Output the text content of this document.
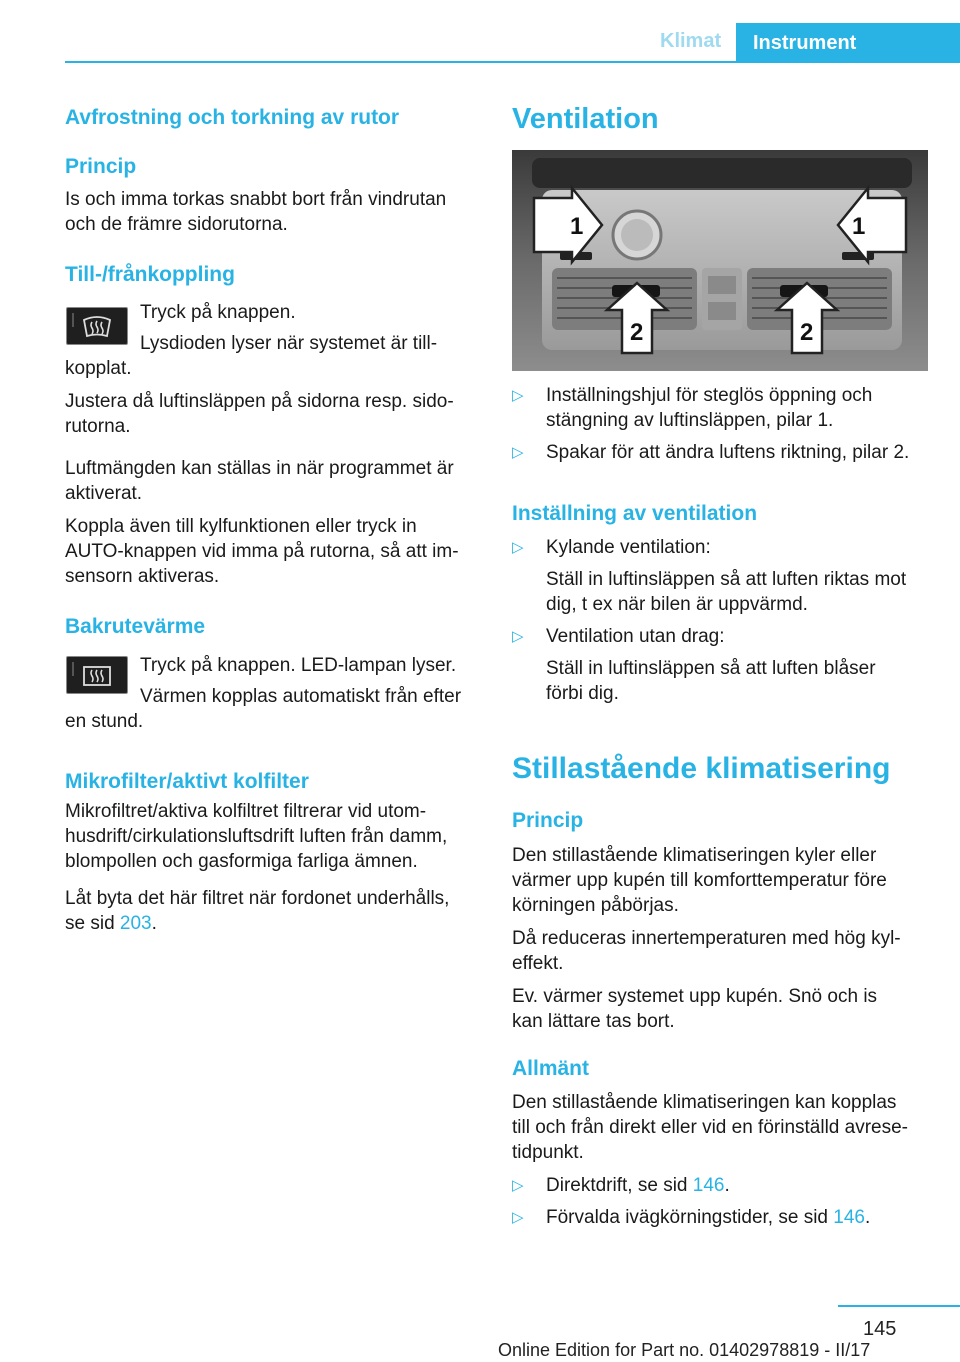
Klimat	Instrument
Avfrostning och torkning av rutor
Princip

Is och imma torkas snabbt bort från vindrutan

och de främre sidorutorna.

Till-/frånkoppling

Tryck på knappen.

Lysdioden lyser när systemet är till-

kopplat.

Justera då luftinsläppen på sidorna resp. sido-

rutorna.

Luftmängden kan ställas in när programmet är

aktiverat.

Koppla även till kylfunktionen eller tryck in

AUTO-knappen vid imma på rutorna, så att im-

sensorn aktiveras.

Bakrutevärme

Tryck på knappen. LED-lampan lyser.

Värmen kopplas automatiskt från efter

en stund.

Mikrofilter/aktivt kolfilter

Mikrofiltret/aktiva kolfiltret filtrerar vid utom-

husdrift/cirkulationsluftsdrift luften från damm,

blompollen och gasformiga farliga ämnen.

Låt byta det här filtret när fordonet underhålls,

se sid 203.

Ventilation
1	1
2	2
▷ Inställningshjul för steglös öppning och
stängning av luftinsläppen, pilar 1.
▷ Spakar för att ändra luftens riktning, pilar 2.
Inställning av ventilation
▷ Kylande ventilation:

Ställ in luftinsläppen så att luften riktas mot

dig, t ex när bilen är uppvärmd.

▷ Ventilation utan drag:

Ställ in luftinsläppen så att luften blåser

förbi dig.

Stillastående klimatisering
Princip

Den stillastående klimatiseringen kyler eller

värmer upp kupén till komforttemperatur före

körningen påbörjas.

Då reduceras innertemperaturen med hög kyl-

effekt.

Ev. värmer systemet upp kupén. Snö och is

kan lättare tas bort.

Allmänt

Den stillastående klimatiseringen kan kopplas

till och från direkt eller vid en förinställd avrese-

tidpunkt.

▷ Direktdrift, se sid 146.
▷ Förvalda ivägkörningstider, se sid 146.
145
Online Edition for Part no. 01402978819 - II/17
